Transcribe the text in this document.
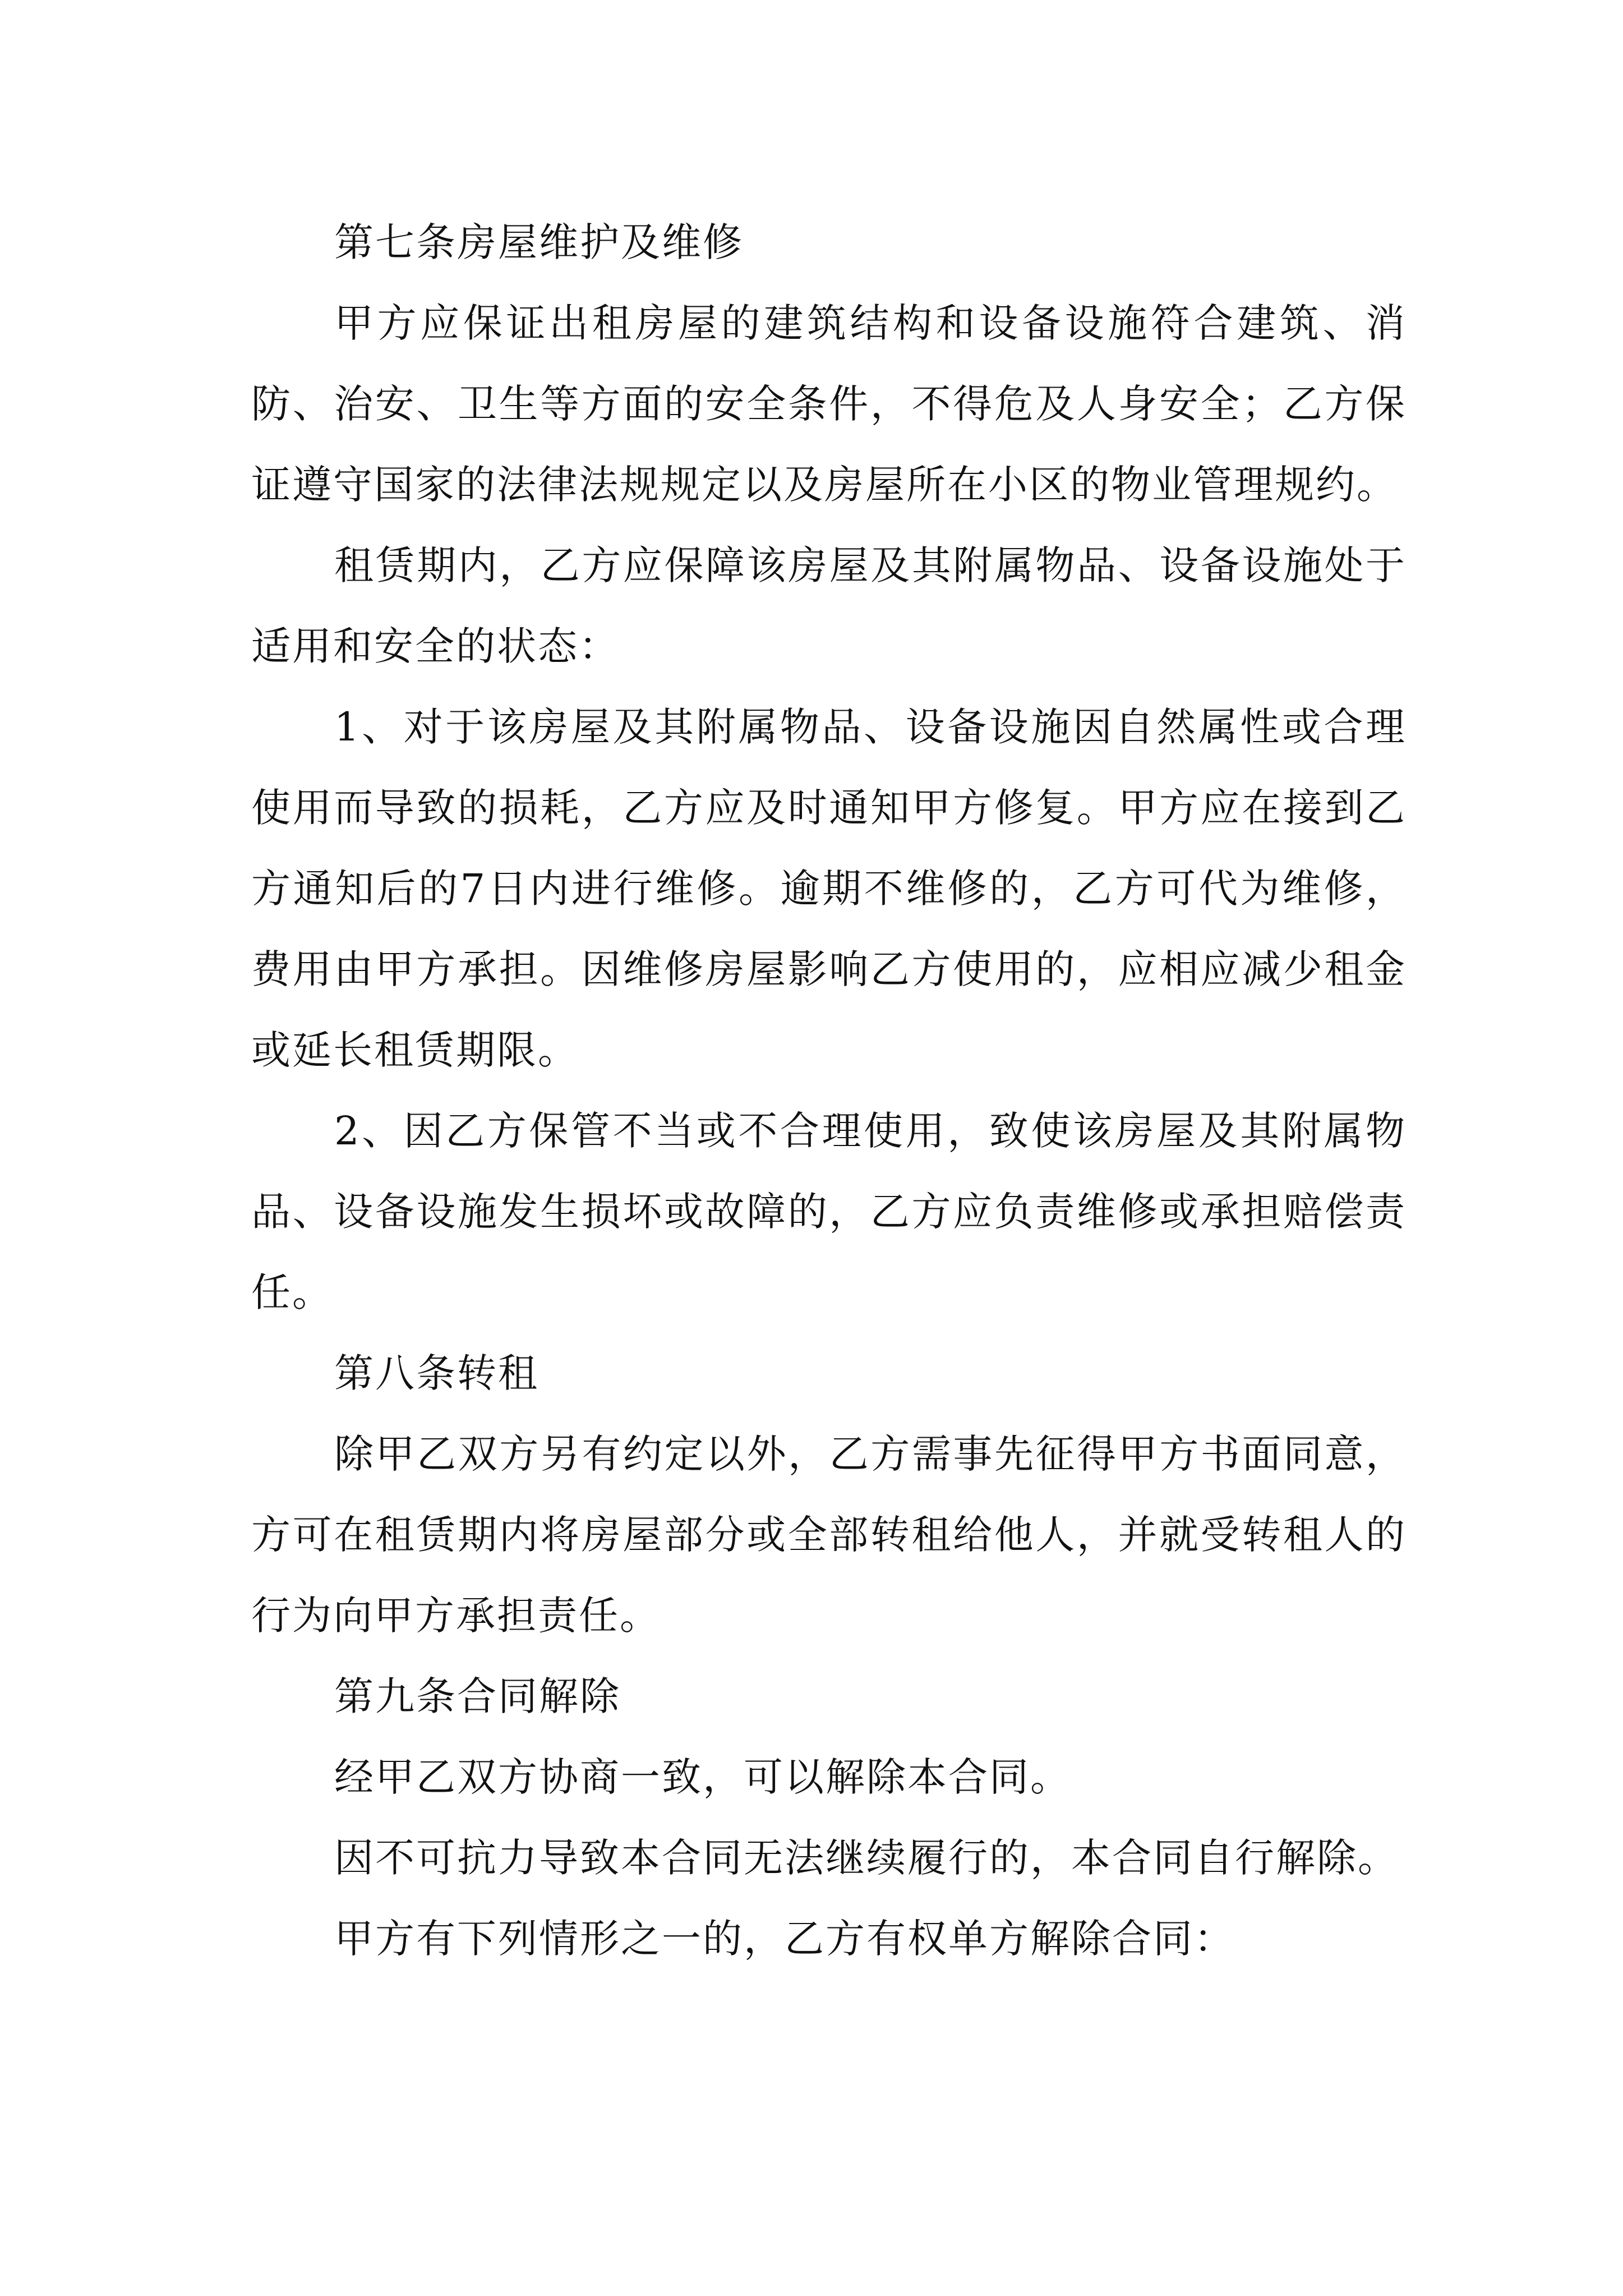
第七条房屋维护及维修

甲方应保证出租房屋的建筑结构和设备设施符合建筑、消防、治安、卫生等方面的安全条件，不得危及人身安全；乙方保证遵守国家的法律法规规定以及房屋所在小区的物业管理规约。

租赁期内，乙方应保障该房屋及其附属物品、设备设施处于适用和安全的状态：

1、对于该房屋及其附属物品、设备设施因自然属性或合理使用而导致的损耗，乙方应及时通知甲方修复。甲方应在接到乙方通知后的7日内进行维修。逾期不维修的，乙方可代为维修，费用由甲方承担。因维修房屋影响乙方使用的，应相应减少租金或延长租赁期限。

2、因乙方保管不当或不合理使用，致使该房屋及其附属物品、设备设施发生损坏或故障的，乙方应负责维修或承担赔偿责任。

第八条转租

除甲乙双方另有约定以外，乙方需事先征得甲方书面同意，方可在租赁期内将房屋部分或全部转租给他人，并就受转租人的行为向甲方承担责任。

第九条合同解除

经甲乙双方协商一致，可以解除本合同。

因不可抗力导致本合同无法继续履行的，本合同自行解除。

甲方有下列情形之一的，乙方有权单方解除合同：
